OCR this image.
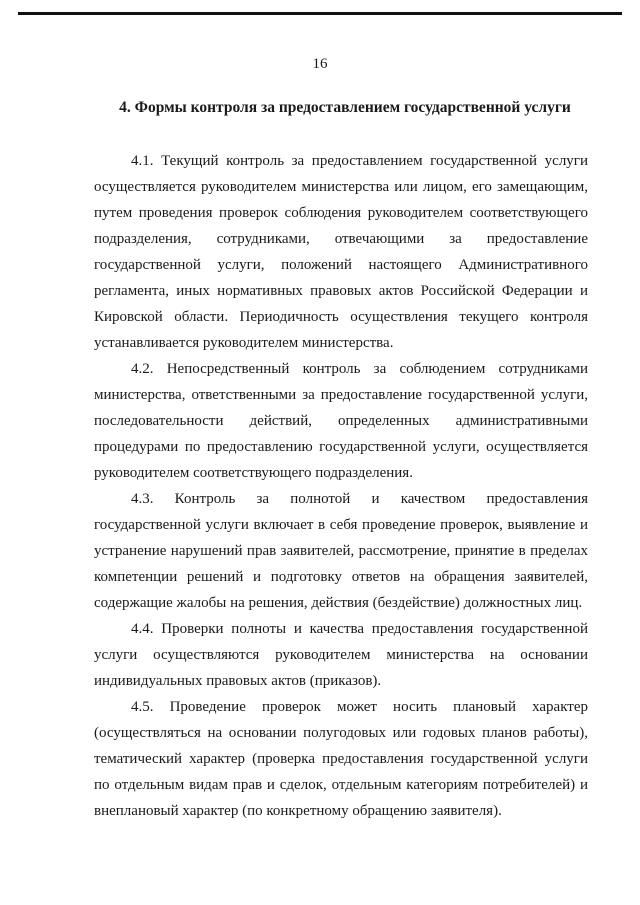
16
4. Формы контроля за предоставлением государственной услуги

4.1. Текущий контроль за предоставлением государственной услуги осуществляется руководителем министерства или лицом, его замещающим, путем проведения проверок соблюдения руководителем соответствующего подразделения, сотрудниками, отвечающими за предоставление государственной услуги, положений настоящего Административного регламента, иных нормативных правовых актов Российской Федерации и Кировской области. Периодичность осуществления текущего контроля
устанавливается руководителем министерства.

4.2. Непосредственный контроль за соблюдением сотрудниками министерства, ответственными за предоставление государственной услуги, последовательности действий, определенных административными процедурами по предоставлению государственной услуги, осуществляется
руководителем соответствующего подразделения.

4.3. Контроль за полнотой и качеством предоставления государственной услуги включает в себя проведение проверок, выявление и устранение нарушений прав заявителей, рассмотрение, принятие в пределах компетенции решений и подготовку ответов на обращения заявителей,
содержащие жалобы на решения, действия (бездействие) должностных лиц.

4.4. Проверки полноты и качества предоставления государственной услуги осуществляются руководителем министерства на основании
индивидуальных правовых актов (приказов).

4.5. Проведение проверок может носить плановый характер (осуществляться на основании полугодовых или годовых планов работы), тематический характер (проверка предоставления государственной услуги по отдельным видам прав и сделок, отдельным категориям потребителей) и
внеплановый характер (по конкретному обращению заявителя).
